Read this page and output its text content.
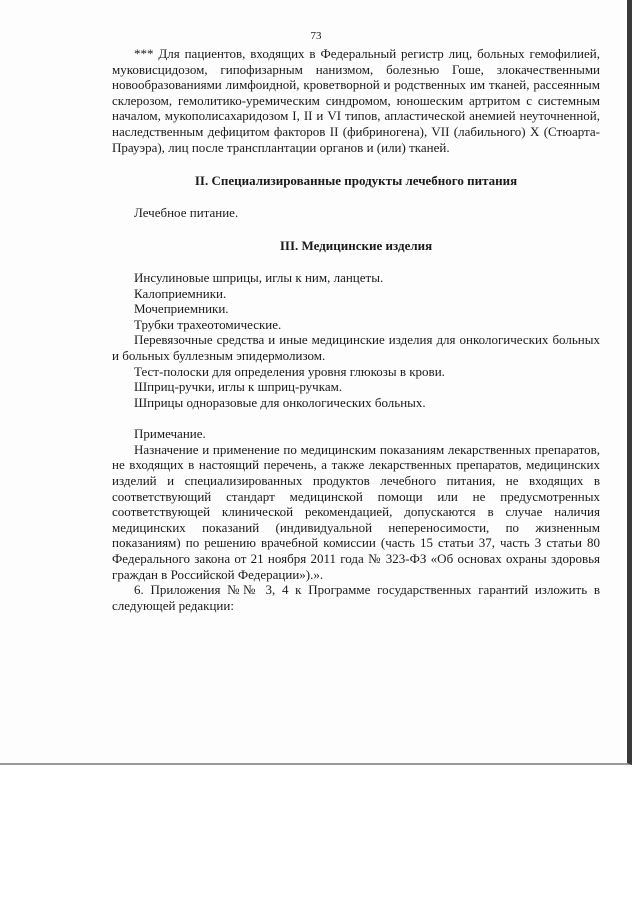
73

*** Для пациентов, входящих в Федеральный регистр лиц, больных гемофилией, муковисцидозом, гипофизарным нанизмом, болезнью Гоше, злокачественными новообразованиями лимфоидной, кроветворной и родственных им тканей, рассеянным склерозом, гемолитико-уремическим синдромом, юношеским артритом с системным началом, мукополисахаридозом I, II и VI типов, апластической анемией неуточненной, наследственным дефицитом факторов II (фибриногена), VII (лабильного) X (Стюарта-Прауэра), лиц после трансплантации органов и (или) тканей.

II. Специализированные продукты лечебного питания

Лечебное питание.

III. Медицинские изделия

Инсулиновые шприцы, иглы к ним, ланцеты.

Калоприемники.

Мочеприемники.

Трубки трахеотомические.

Перевязочные средства и иные медицинские изделия для онкологических больных и больных буллезным эпидермолизом.

Тест-полоски для определения уровня глюкозы в крови.

Шприц-ручки, иглы к шприц-ручкам.

Шприцы одноразовые для онкологических больных.

Примечание.

Назначение и применение по медицинским показаниям лекарственных препаратов, не входящих в настоящий перечень, а также лекарственных препаратов, медицинских изделий и специализированных продуктов лечебного питания, не входящих в соответствующий стандарт медицинской помощи или не предусмотренных соответствующей клинической рекомендацией, допускаются в случае наличия медицинских показаний (индивидуальной непереносимости, по жизненным показаниям) по решению врачебной комиссии (часть 15 статьи 37, часть 3 статьи 80 Федерального закона от 21 ноября 2011 года № 323-ФЗ «Об основах охраны здоровья граждан в Российской Федерации»).».

6. Приложения №№ 3, 4 к Программе государственных гарантий изложить в следующей редакции:
